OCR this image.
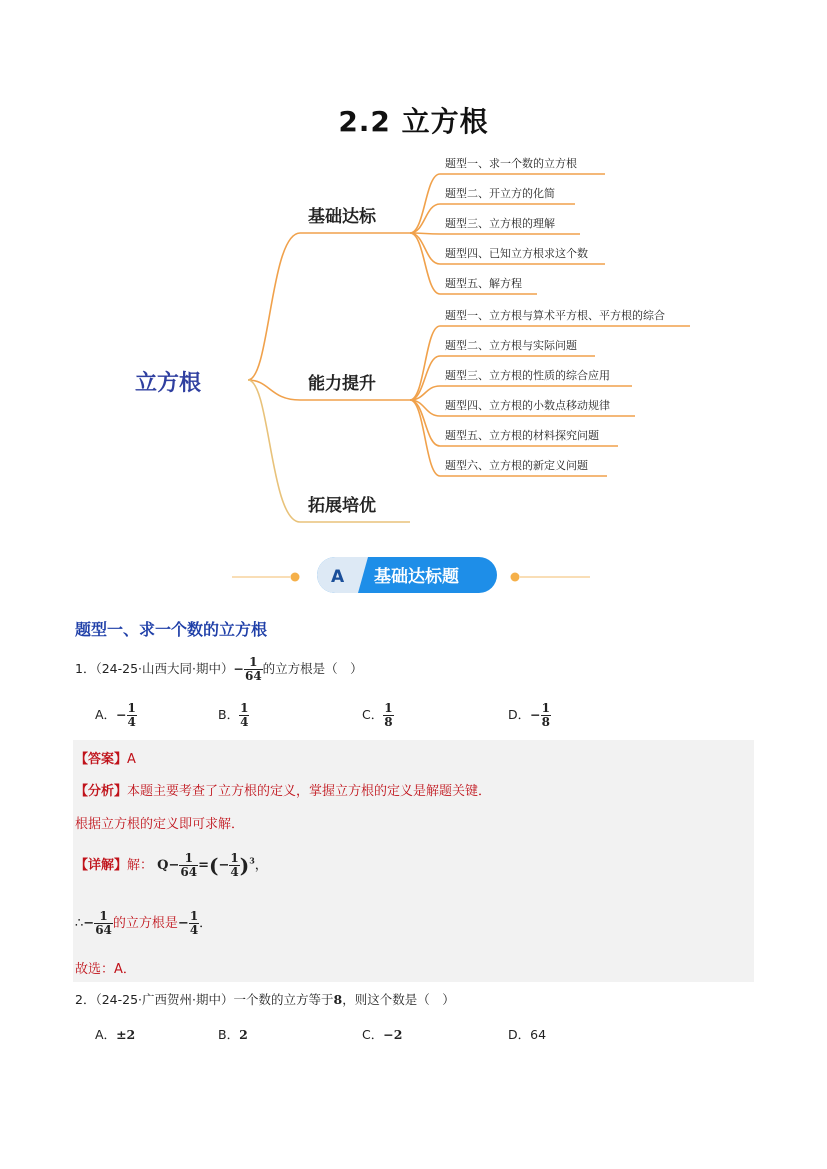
2.2 立方根
立方根
基础达标
能力提升
拓展培优
题型一、求一个数的立方根
题型二、开立方的化简
题型三、立方根的理解
题型四、已知立方根求这个数
题型五、解方程
题型一、立方根与算术平方根、平方根的综合
题型二、立方根与实际问题
题型三、立方根的性质的综合应用
题型四、立方根的小数点移动规律
题型五、立方根的材料探究问题
题型六、立方根的新定义问题
A 基础达标题
题型一、求一个数的立方根
1．（24-25·山西大同·期中）− $\frac{1}{64}$ 的立方根是（　）
A．− $\frac{1}{4}$	B． $\frac{1}{4}$	C． $\frac{1}{8}$	D．− $\frac{1}{8}$
【答案】A
【分析】本题主要考查了立方根的定义，掌握立方根的定义是解题关键．
根据立方根的定义即可求解．
【详解】解： $Q- \frac{1}{64}$ =(− $\frac{1}{4} )^3$，
∴− $\frac{1}{64}$ 的立方根是− $\frac{1}{4}$ ．
故选：A．
2．（24-25·广西贺州·期中）一个数的立方等于8，则这个数是（　）
A．±2	B．2	C．−2	D．64
